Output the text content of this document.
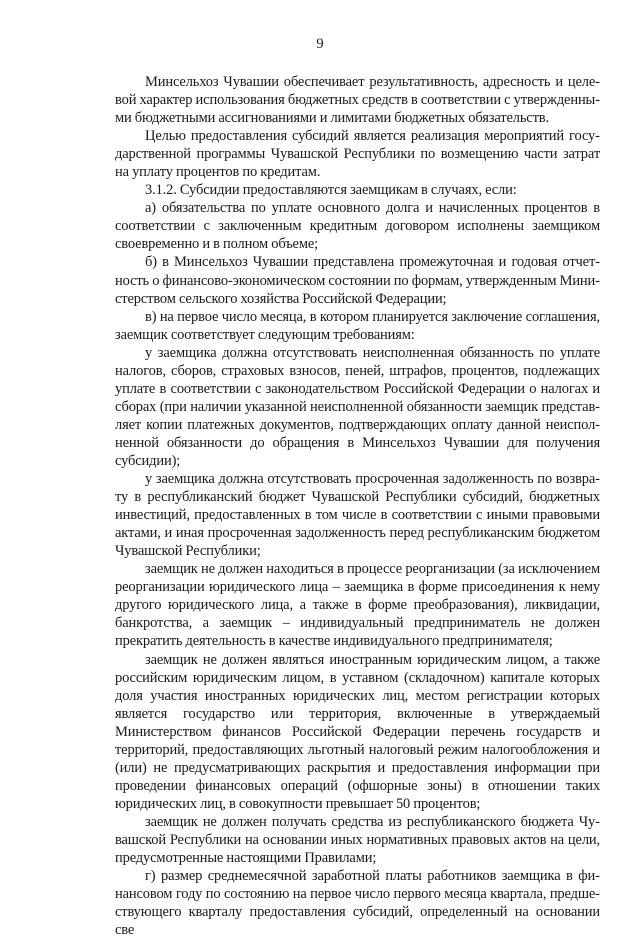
9

Минсельхоз Чувашии обеспечивает результативность, адресность и целевой характер использования бюджетных средств в соответствии с утвержденными бюджетными ассигнованиями и лимитами бюджетных обязательств.

Целью предоставления субсидий является реализация мероприятий государственной программы Чувашской Республики по возмещению части затрат на уплату процентов по кредитам.

3.1.2. Субсидии предоставляются заемщикам в случаях, если:

а) обязательства по уплате основного долга и начисленных процентов в соответствии с заключенным кредитным договором исполнены заемщиком своевременно и в полном объеме;

б) в Минсельхоз Чувашии представлена промежуточная и годовая отчетность о финансово-экономическом состоянии по формам, утвержденным Министерством сельского хозяйства Российской Федерации;

в) на первое число месяца, в котором планируется заключение соглашения, заемщик соответствует следующим требованиям:

у заемщика должна отсутствовать неисполненная обязанность по уплате налогов, сборов, страховых взносов, пеней, штрафов, процентов, подлежащих уплате в соответствии с законодательством Российской Федерации о налогах и сборах (при наличии указанной неисполненной обязанности заемщик представляет копии платежных документов, подтверждающих оплату данной неисполненной обязанности до обращения в Минсельхоз Чувашии для получения субсидии);

у заемщика должна отсутствовать просроченная задолженность по возврату в республиканский бюджет Чувашской Республики субсидий, бюджетных инвестиций, предоставленных в том числе в соответствии с иными правовыми актами, и иная просроченная задолженность перед республиканским бюджетом Чувашской Республики;

заемщик не должен находиться в процессе реорганизации (за исключением реорганизации юридического лица – заемщика в форме присоединения к нему другого юридического лица, а также в форме преобразования), ликвидации, банкротства, а заемщик – индивидуальный предприниматель не должен прекратить деятельность в качестве индивидуального предпринимателя;

заемщик не должен являться иностранным юридическим лицом, а также российским юридическим лицом, в уставном (складочном) капитале которых доля участия иностранных юридических лиц, местом регистрации которых является государство или территория, включенные в утверждаемый Министерством финансов Российской Федерации перечень государств и территорий, предоставляющих льготный налоговый режим налогообложения и (или) не предусматривающих раскрытия и предоставления информации при проведении финансовых операций (офшорные зоны) в отношении таких юридических лиц, в совокупности превышает 50 процентов;

заемщик не должен получать средства из республиканского бюджета Чувашской Республики на основании иных нормативных правовых актов на цели, предусмотренные настоящими Правилами;

г) размер среднемесячной заработной платы работников заемщика в финансовом году по состоянию на первое число первого месяца квартала, предшествующего кварталу предоставления субсидий, определенный на основании све
